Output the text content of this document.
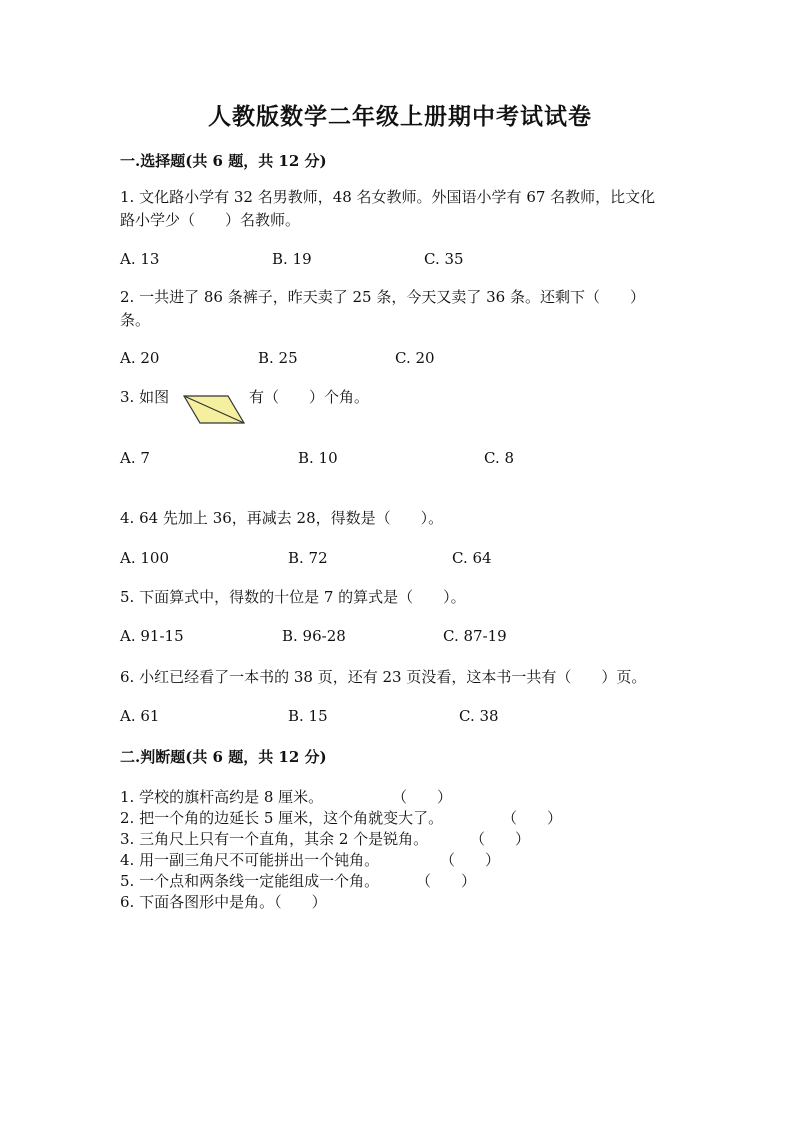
人教版数学二年级上册期中考试试卷
一.选择题(共 6 题，共 12 分)
1. 文化路小学有 32 名男教师，48 名女教师。外国语小学有 67 名教师，比文化
路小学少（　　）名教师。
A. 13	B. 19	C. 35
2. 一共进了 86 条裤子，昨天卖了 25 条，今天又卖了 36 条。还剩下（　　）
条。
A. 20	B. 25	C. 20
3. 如图	有（　　）个角。
A. 7	B. 10	C. 8
4. 64 先加上 36，再减去 28，得数是（　　）。
A. 100	B. 72	C. 64
5. 下面算式中，得数的十位是 7 的算式是（　　）。
A. 91-15	B. 96-28	C. 87-19
6. 小红已经看了一本书的 38 页，还有 23 页没看，这本书一共有（　　）页。
A. 61	B. 15	C. 38
二.判断题(共 6 题，共 12 分)
1. 学校的旗杆高约是 8 厘米。	（　　）
2. 把一个角的边延长 5 厘米，这个角就变大了。	（　　）
3. 三角尺上只有一个直角，其余 2 个是锐角。	（　　）
4. 用一副三角尺不可能拼出一个钝角。	（　　）
5. 一个点和两条线一定能组成一个角。 （　　）
6. 下面各图形中是角。（　　）
